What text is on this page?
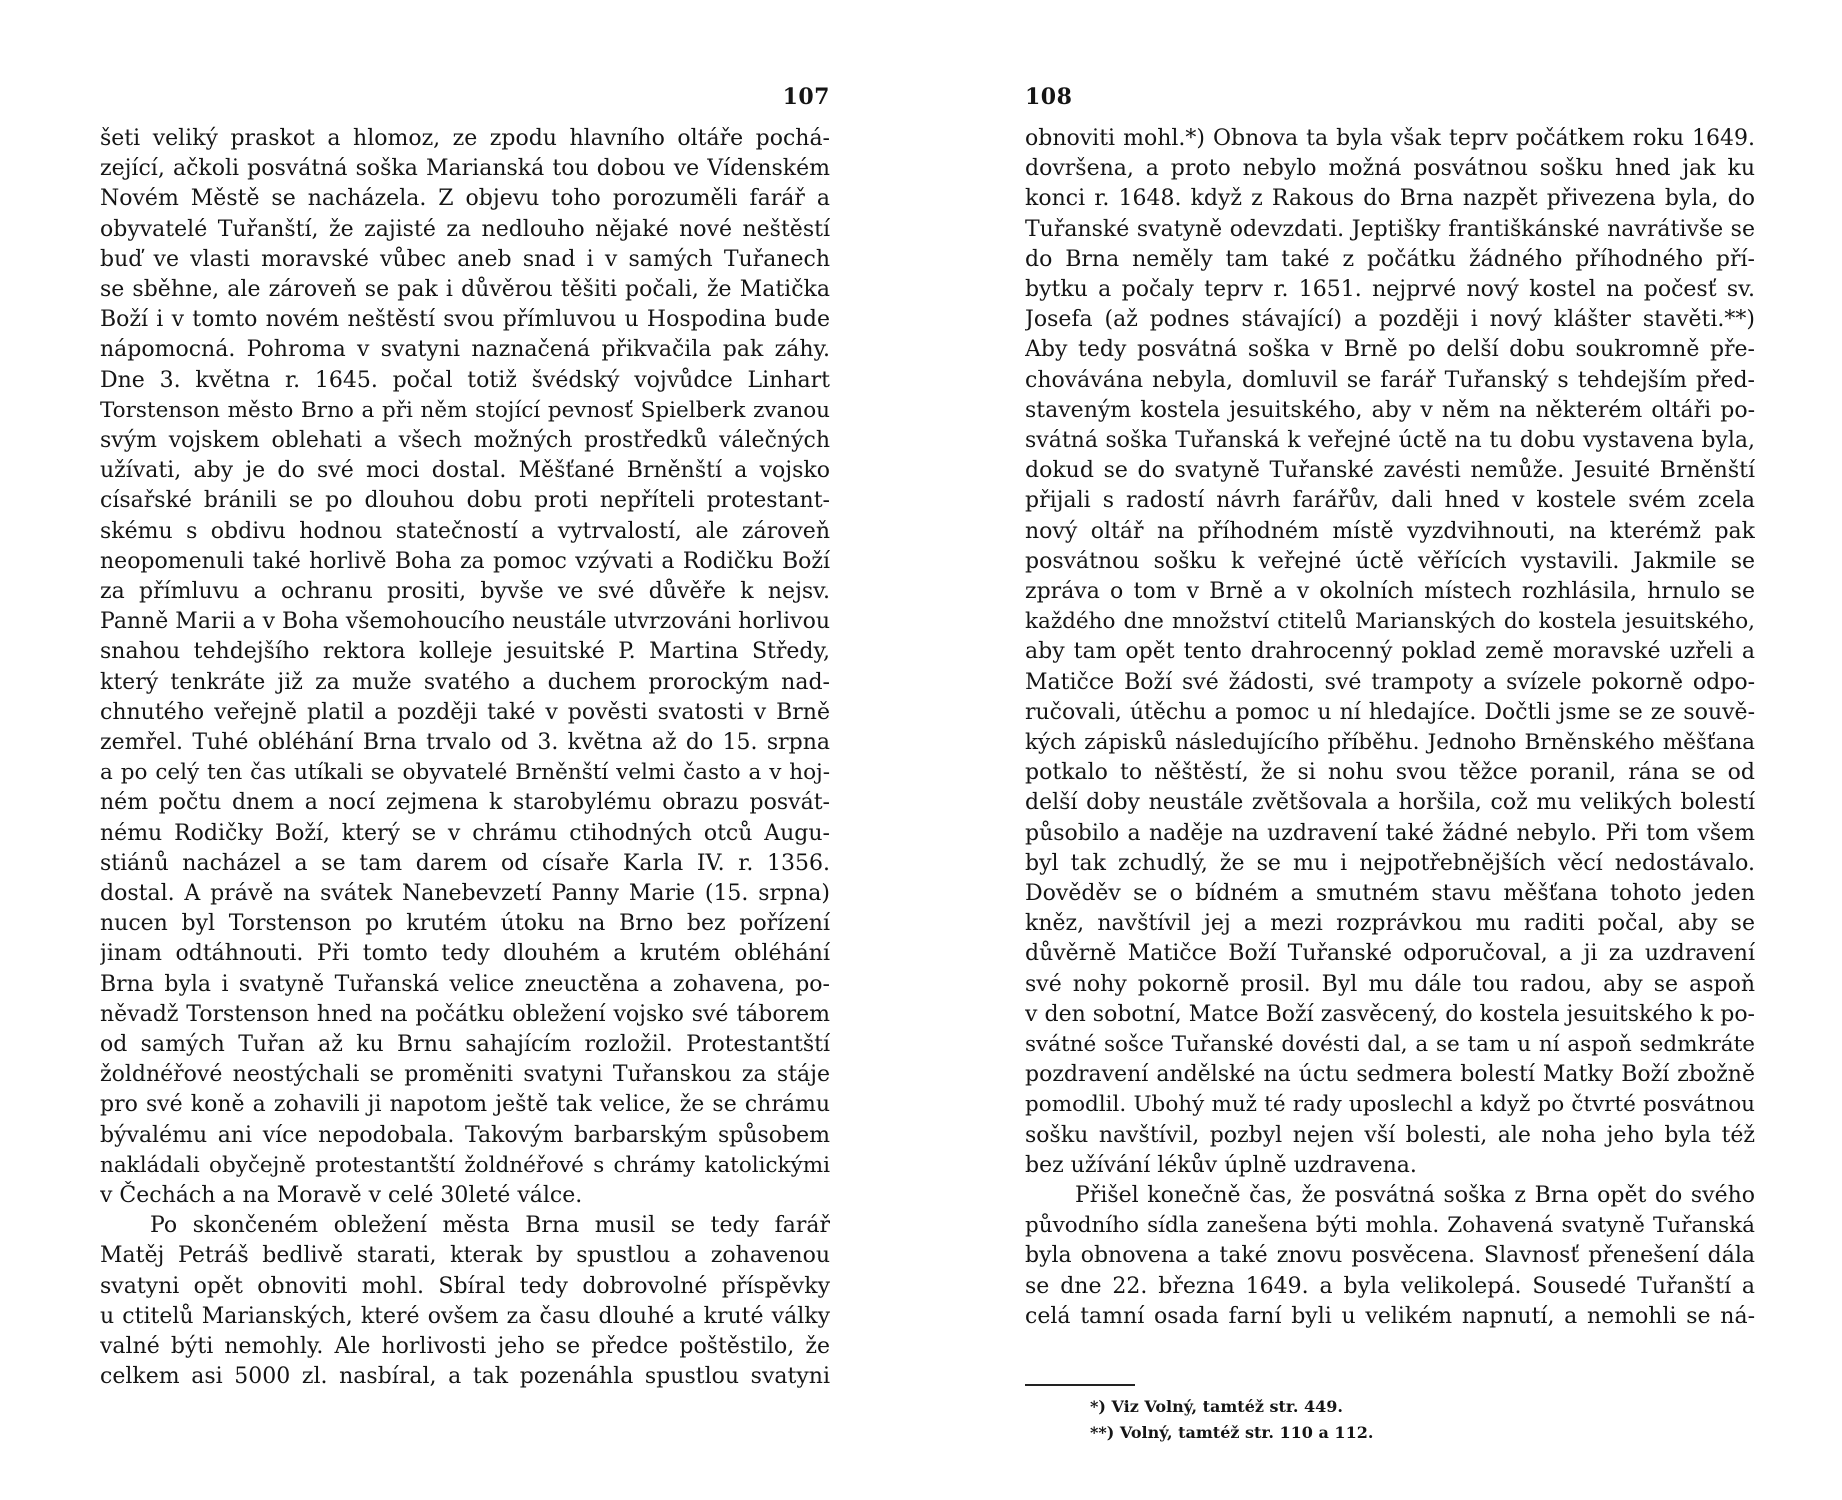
107
šeti veliký praskot a hlomoz, ze zpodu hlavního oltáře pochá-
zející, ačkoli posvátná soška Marianská tou dobou ve Vídenském
Novém Městě se nacházela. Z objevu toho porozuměli farář a
obyvatelé Tuřanští, že zajisté za nedlouho nějaké nové neštěstí
buď ve vlasti moravské vůbec aneb snad i v samých Tuřanech
se sběhne, ale zároveň se pak i důvěrou těšiti počali, že Matička
Boží i v tomto novém neštěstí svou přímluvou u Hospodina bude
nápomocná. Pohroma v svatyni naznačená přikvačila pak záhy.
Dne 3. května r. 1645. počal totiž švédský vojvůdce Linhart
Torstenson město Brno a při něm stojící pevnosť Spielberk zvanou
svým vojskem oblehati a všech možných prostředků válečných
užívati, aby je do své moci dostal. Měšťané Brněnští a vojsko
císařské bránili se po dlouhou dobu proti nepříteli protestant-
skému s obdivu hodnou statečností a vytrvalostí, ale zároveň
neopomenuli také horlivě Boha za pomoc vzývati a Rodičku Boží
za přímluvu a ochranu prositi, byvše ve své důvěře k nejsv.
Panně Marii a v Boha všemohoucího neustále utvrzováni horlivou
snahou tehdejšího rektora kolleje jesuitské P. Martina Středy,
který tenkráte již za muže svatého a duchem prorockým nad-
chnutého veřejně platil a později také v pověsti svatosti v Brně
zemřel. Tuhé obléhání Brna trvalo od 3. května až do 15. srpna
a po celý ten čas utíkali se obyvatelé Brněnští velmi často a v hoj-
ném počtu dnem a nocí zejmena k starobylému obrazu posvát-
nému Rodičky Boží, který se v chrámu ctihodných otců Augu-
stiánů nacházel a se tam darem od císaře Karla IV. r. 1356.
dostal. A právě na svátek Nanebevzetí Panny Marie (15. srpna)
nucen byl Torstenson po krutém útoku na Brno bez pořízení
jinam odtáhnouti. Při tomto tedy dlouhém a krutém obléhání
Brna byla i svatyně Tuřanská velice zneuctěna a zohavena, po-
něvadž Torstenson hned na počátku obležení vojsko své táborem
od samých Tuřan až ku Brnu sahajícím rozložil. Protestantští
žoldnéřové neostýchali se proměniti svatyni Tuřanskou za stáje
pro své koně a zohavili ji napotom ještě tak velice, že se chrámu
bývalému ani více nepodobala. Takovým barbarským spůsobem
nakládali obyčejně protestantští žoldnéřové s chrámy katolickými
v Čechách a na Moravě v celé 30leté válce.
Po skončeném obležení města Brna musil se tedy farář
Matěj Petráš bedlivě starati, kterak by spustlou a zohavenou
svatyni opět obnoviti mohl. Sbíral tedy dobrovolné příspěvky
u ctitelů Marianských, které ovšem za času dlouhé a kruté války
valné býti nemohly. Ale horlivosti jeho se předce poštěstilo, že
celkem asi 5000 zl. nasbíral, a tak pozenáhla spustlou svatyni
108
obnoviti mohl.*) Obnova ta byla však teprv počátkem roku 1649.
dovršena, a proto nebylo možná posvátnou sošku hned jak ku
konci r. 1648. když z Rakous do Brna nazpět přivezena byla, do
Tuřanské svatyně odevzdati. Jeptišky františkánské navrátivše se
do Brna neměly tam také z počátku žádného příhodného pří-
bytku a počaly teprv r. 1651. nejprvé nový kostel na počesť sv.
Josefa (až podnes stávající) a později i nový klášter stavěti.**)
Aby tedy posvátná soška v Brně po delší dobu soukromně pře-
chovávána nebyla, domluvil se farář Tuřanský s tehdejším před-
staveným kostela jesuitského, aby v něm na některém oltáři po-
svátná soška Tuřanská k veřejné úctě na tu dobu vystavena byla,
dokud se do svatyně Tuřanské zavésti nemůže. Jesuité Brněnští
přijali s radostí návrh farářův, dali hned v kostele svém zcela
nový oltář na příhodném místě vyzdvihnouti, na kterémž pak
posvátnou sošku k veřejné úctě věřících vystavili. Jakmile se
zpráva o tom v Brně a v okolních místech rozhlásila, hrnulo se
každého dne množství ctitelů Marianských do kostela jesuitského,
aby tam opět tento drahrocenný poklad země moravské uzřeli a
Matičce Boží své žádosti, své trampoty a svízele pokorně odpo-
ručovali, útěchu a pomoc u ní hledajíce. Dočtli jsme se ze souvě-
kých zápisků následujícího příběhu. Jednoho Brněnského měšťana
potkalo to něštěstí, že si nohu svou těžce poranil, rána se od
delší doby neustále zvětšovala a horšila, což mu velikých bolestí
působilo a naděje na uzdravení také žádné nebylo. Při tom všem
byl tak zchudlý, že se mu i nejpotřebnějších věcí nedostávalo.
Dověděv se o bídném a smutném stavu měšťana tohoto jeden
kněz, navštívil jej a mezi rozprávkou mu raditi počal, aby se
důvěrně Matičce Boží Tuřanské odporučoval, a ji za uzdravení
své nohy pokorně prosil. Byl mu dále tou radou, aby se aspoň
v den sobotní, Matce Boží zasvěcený, do kostela jesuitského k po-
svátné sošce Tuřanské dovésti dal, a se tam u ní aspoň sedmkráte
pozdravení andělské na úctu sedmera bolestí Matky Boží zbožně
pomodlil. Ubohý muž té rady uposlechl a když po čtvrté posvátnou
sošku navštívil, pozbyl nejen vší bolesti, ale noha jeho byla též
bez užívání lékův úplně uzdravena.
Přišel konečně čas, že posvátná soška z Brna opět do svého
původního sídla zanešena býti mohla. Zohavená svatyně Tuřanská
byla obnovena a také znovu posvěcena. Slavnosť přenešení dála
se dne 22. března 1649. a byla velikolepá. Sousedé Tuřanští a
celá tamní osada farní byli u velikém napnutí, a nemohli se ná-
*) Viz Volný, tamtéž str. 449.
**) Volný, tamtéž str. 110 a 112.
